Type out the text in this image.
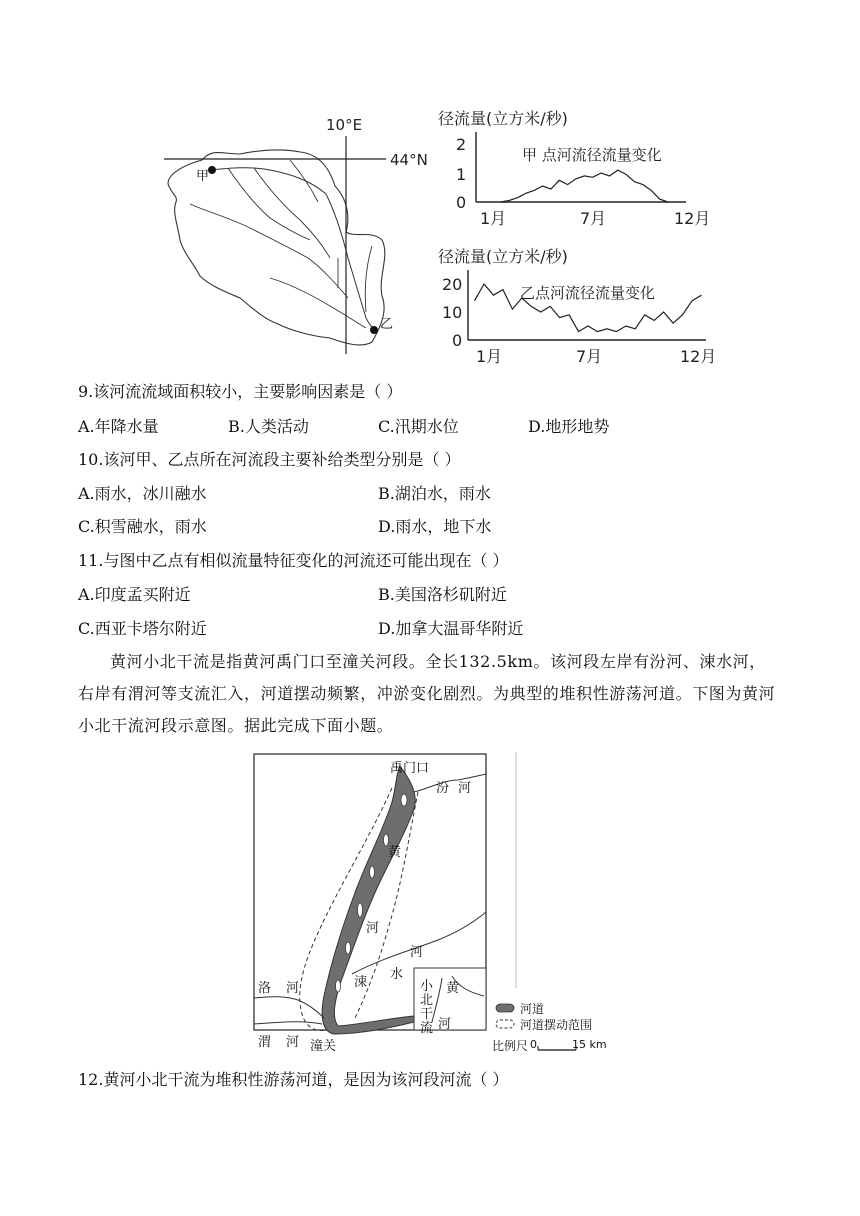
10°E
44°N
甲
乙
径流量(立方米/秒)
甲 点河流径流量变化
2
1
0
1月	7月	12月
径流量(立方米/秒)
乙点河流径流量变化
20
10
0
1月	7月	12月
9.该河流流域面积较小，主要影响因素是（ ）
A.年降水量	B.人类活动	C.汛期水位	D.地形地势
10.该河甲、乙点所在河流段主要补给类型分别是（ ）
A.雨水，冰川融水	B.湖泊水，雨水
C.积雪融水，雨水	D.雨水，地下水
11.与图中乙点有相似流量特征变化的河流还可能出现在（ ）
A.印度孟买附近	B.美国洛杉矶附近
C.西亚卡塔尔附近	D.加拿大温哥华附近
黄河小北干流是指黄河禹门口至潼关河段。全长132.5km。该河段左岸有汾河、涑水河，右岸有渭河等支流汇入，河道摆动频繁，冲淤变化剧烈。为典型的堆积性游荡河道。下图为黄河小北干流河段示意图。据此完成下面小题。
禹门口
汾 河
黄
河
河
水
涑
洛 河
渭 河 潼关
黄
河
小
北
干
流
河道
河道摆动范围
比例尺 0	15 km
12.黄河小北干流为堆积性游荡河道，是因为该河段河流（ ）
